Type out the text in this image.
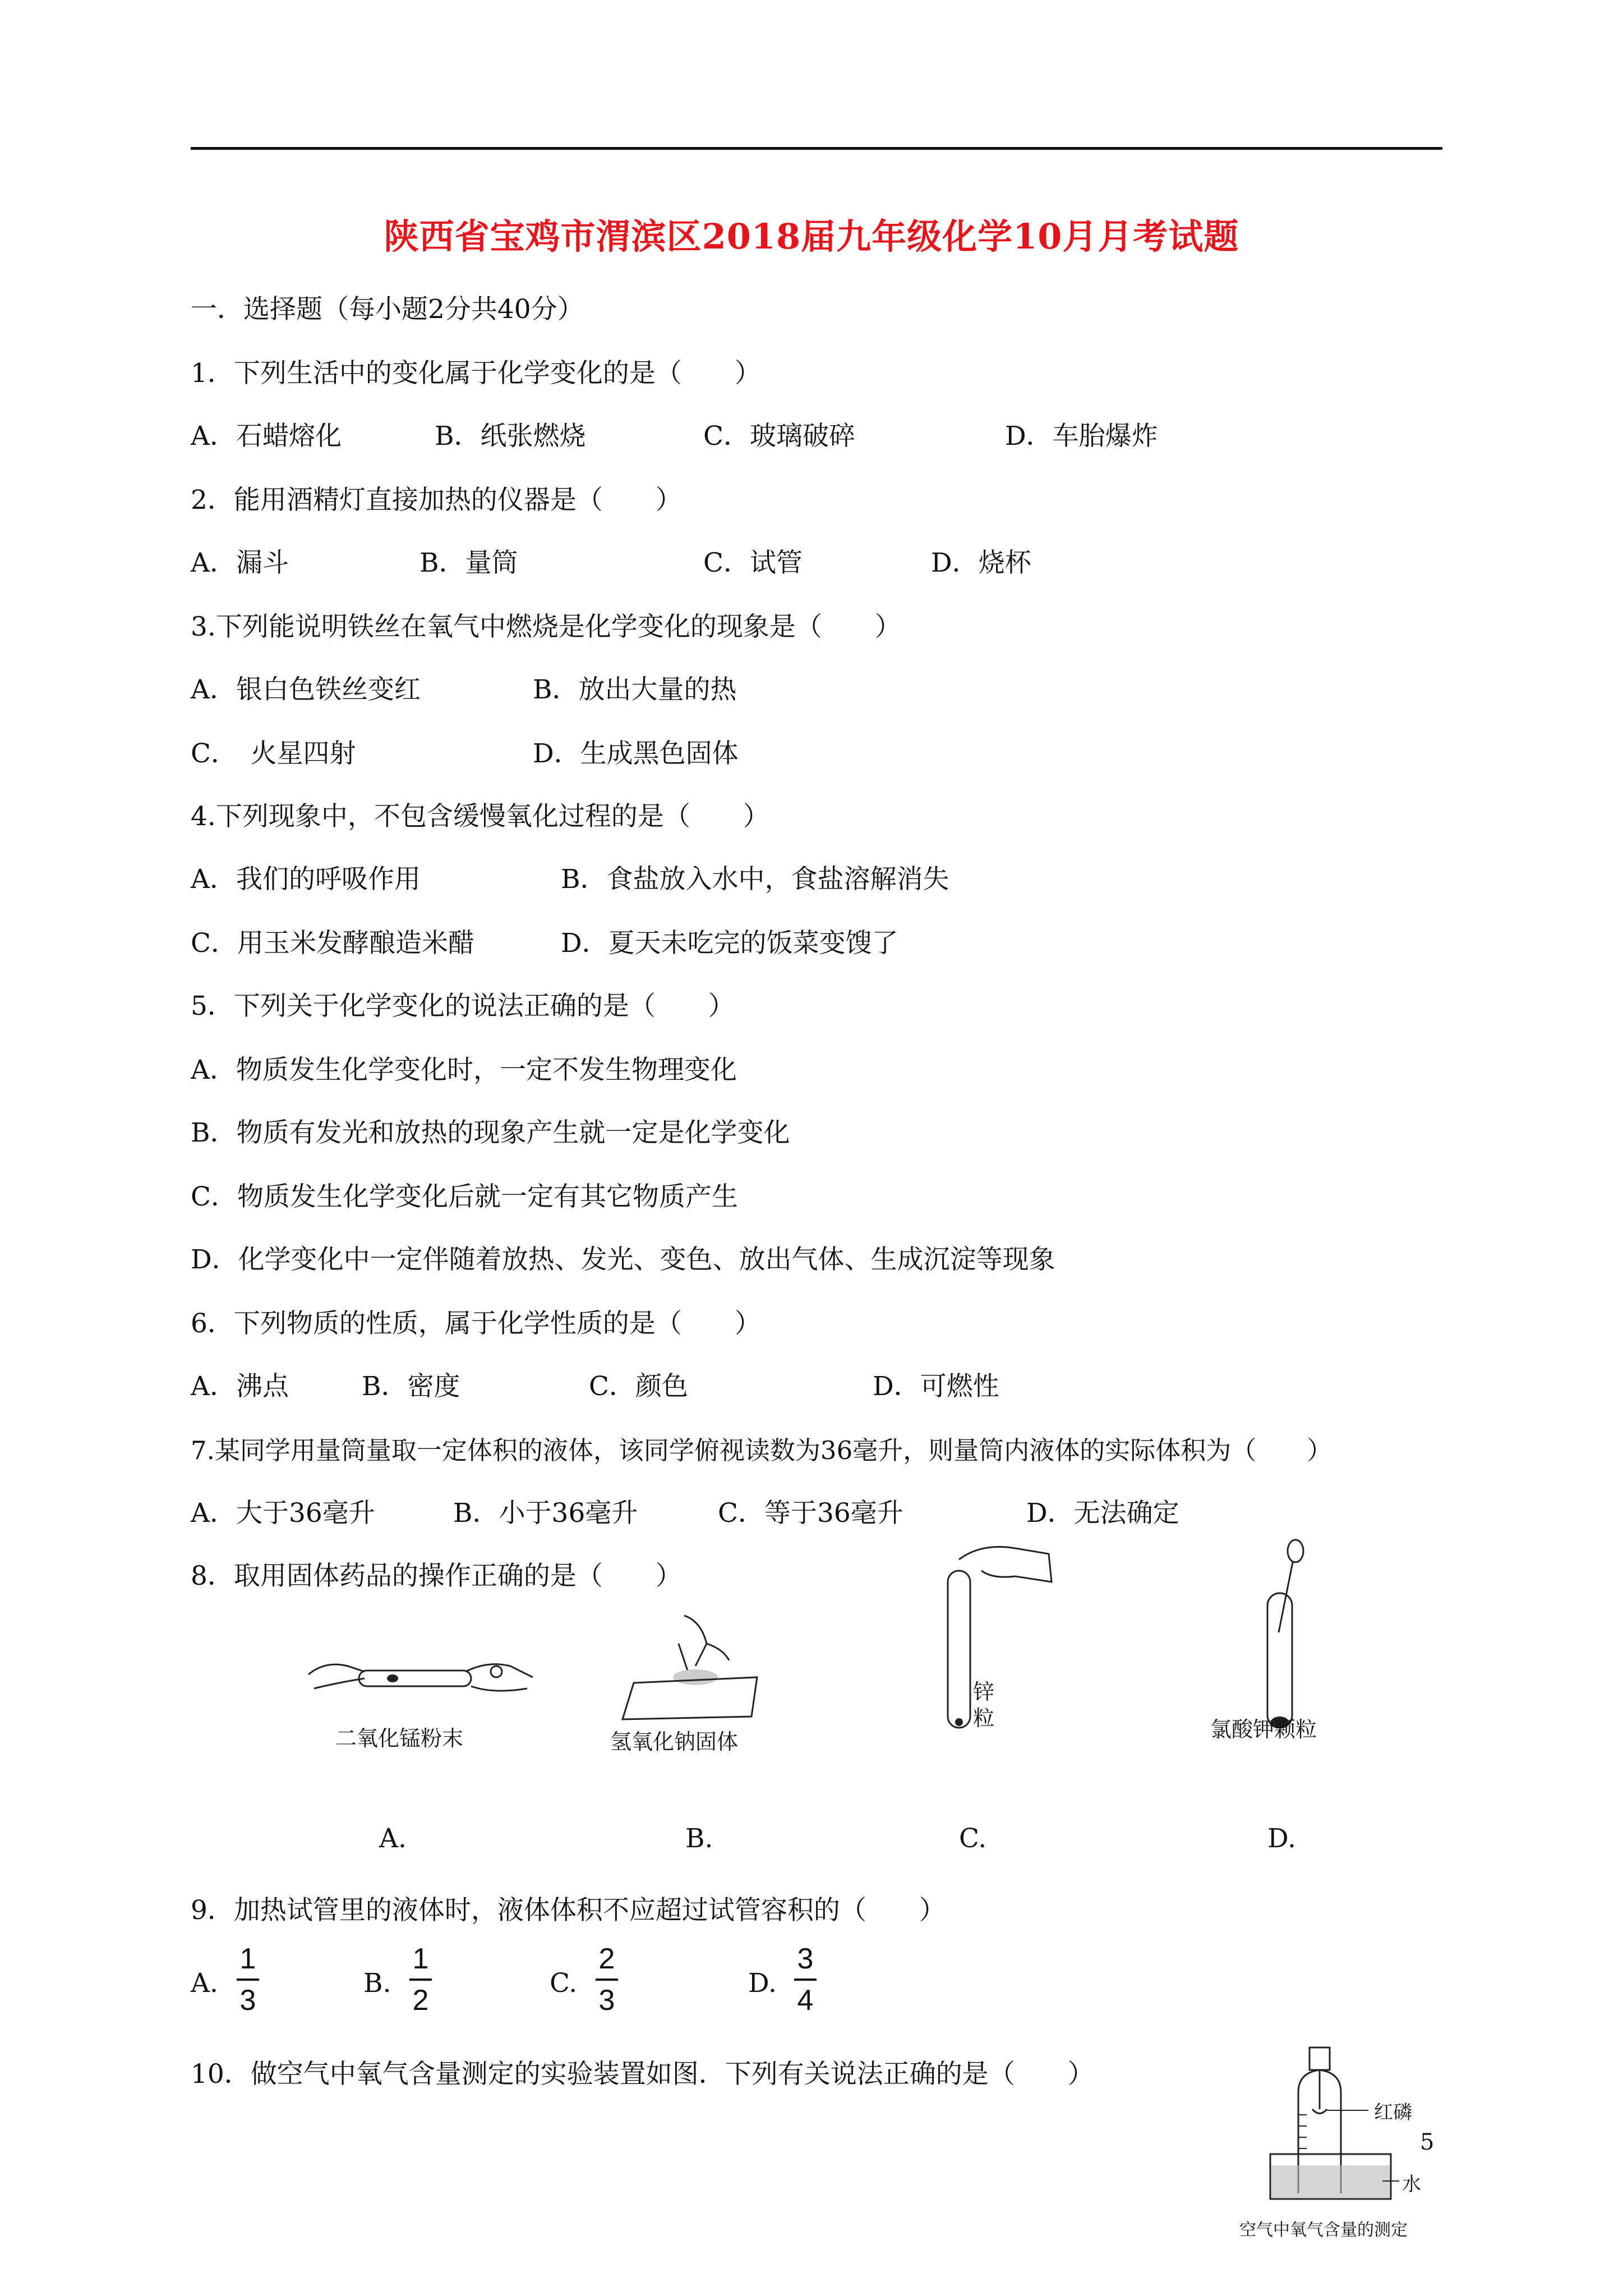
陕西省宝鸡市渭滨区2018届九年级化学10月月考试题
一．选择题（每小题2分共40分）
1．下列生活中的变化属于化学变化的是（　　）
A．石蜡熔化	B．纸张燃烧	C．玻璃破碎	D．车胎爆炸
2．能用酒精灯直接加热的仪器是（　　）
A．漏斗	B．量筒	C．试管	D．烧杯
3.下列能说明铁丝在氧气中燃烧是化学变化的现象是（　　）
A．银白色铁丝变红	B．放出大量的热
C．　火星四射	D．生成黑色固体
4.下列现象中，不包含缓慢氧化过程的是（　　）
A．我们的呼吸作用	B．食盐放入水中，食盐溶解消失
C．用玉米发酵酿造米醋	D．夏天未吃完的饭菜变馊了
5．下列关于化学变化的说法正确的是（　　）
A．物质发生化学变化时，一定不发生物理变化
B．物质有发光和放热的现象产生就一定是化学变化
C．物质发生化学变化后就一定有其它物质产生
D．化学变化中一定伴随着放热、发光、变色、放出气体、生成沉淀等现象
6．下列物质的性质，属于化学性质的是（　　）
A．沸点	B．密度	C．颜色	D．可燃性
7.某同学用量筒量取一定体积的液体，该同学俯视读数为36毫升，则量筒内液体的实际体积为（　　）
A．大于36毫升	B．小于36毫升	C．等于36毫升	D．无法确定
8．取用固体药品的操作正确的是（　　）
二氧化锰粉末	氢氧化钠固体
锌
粒	氯酸钾颗粒
A.	B.	C.	D.
9．加热试管里的液体时，液体体积不应超过试管容积的（　　）
A.
1
3
B.
1
2
C.
2
3
D.
3
4
10．做空气中氧气含量测定的实验装置如图．下列有关说法正确的是（　　）
红磷
水
空气中氧气含量的测定
5
